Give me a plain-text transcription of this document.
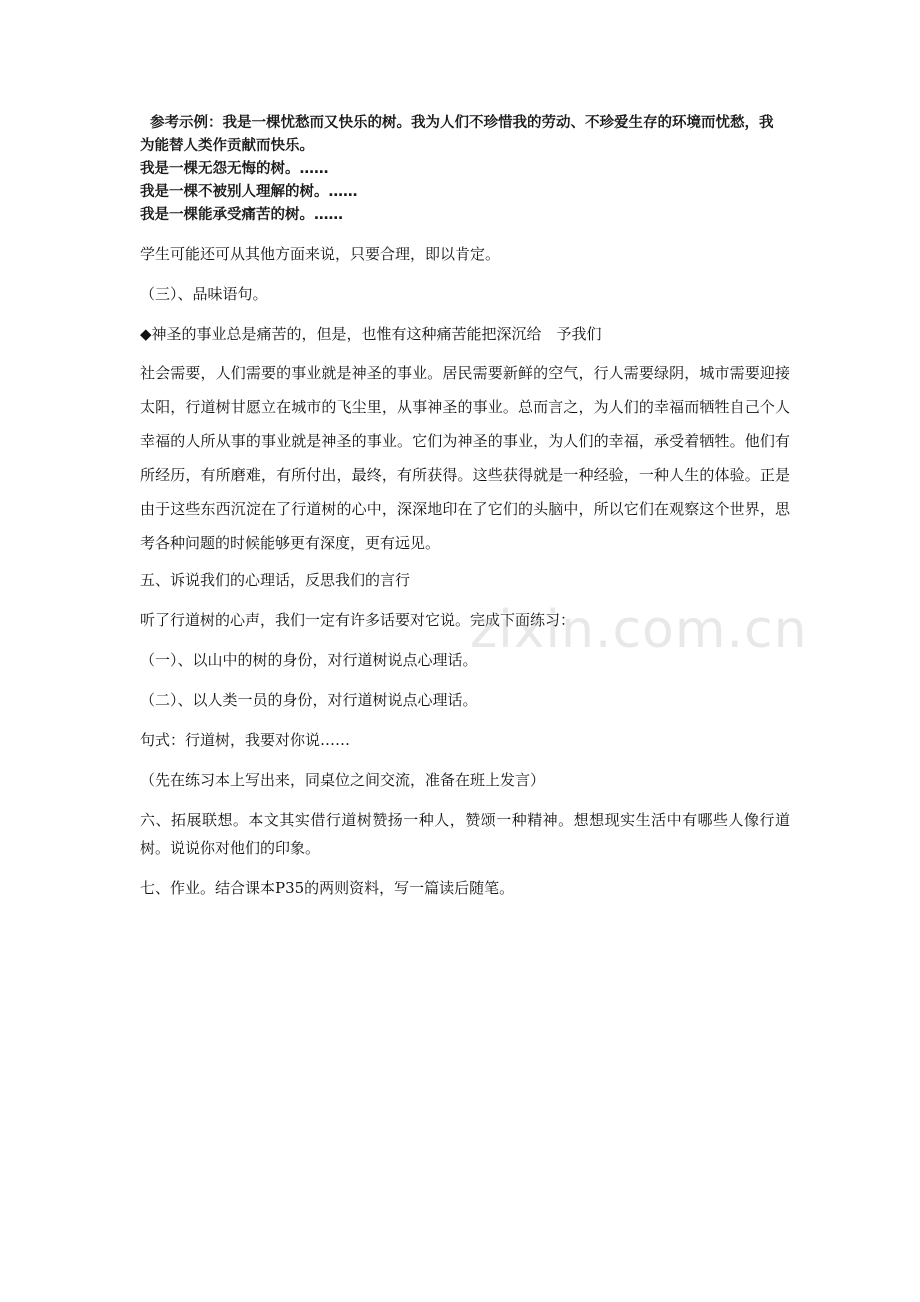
参考示例：我是一棵忧愁而又快乐的树。我为人们不珍惜我的劳动、不珍爱生存的环境而忧愁，我为能替人类作贡献而快乐。

我是一棵无怨无悔的树。……

我是一棵不被别人理解的树。……

我是一棵能承受痛苦的树。……

学生可能还可从其他方面来说，只要合理，即以肯定。

（三）、品味语句。

◆神圣的事业总是痛苦的，但是，也惟有这种痛苦能把深沉给　予我们

社会需要，人们需要的事业就是神圣的事业。居民需要新鲜的空气，行人需要绿阴，城市需要迎接太阳，行道树甘愿立在城市的飞尘里，从事神圣的事业。总而言之，为人们的幸福而牺牲自己个人幸福的人所从事的事业就是神圣的事业。它们为神圣的事业，为人们的幸福，承受着牺牲。他们有所经历，有所磨难，有所付出，最终，有所获得。这些获得就是一种经验，一种人生的体验。正是由于这些东西沉淀在了行道树的心中，深深地印在了它们的头脑中，所以它们在观察这个世界，思考各种问题的时候能够更有深度，更有远见。

五、诉说我们的心理话，反思我们的言行

听了行道树的心声，我们一定有许多话要对它说。完成下面练习：

（一）、以山中的树的身份，对行道树说点心理话。

（二）、以人类一员的身份，对行道树说点心理话。

句式：行道树，我要对你说……

（先在练习本上写出来，同桌位之间交流，准备在班上发言）

六、拓展联想。本文其实借行道树赞扬一种人，赞颂一种精神。想想现实生活中有哪些人像行道树。说说你对他们的印象。

七、作业。结合课本P35的两则资料，写一篇读后随笔。

zixin.com.cn
